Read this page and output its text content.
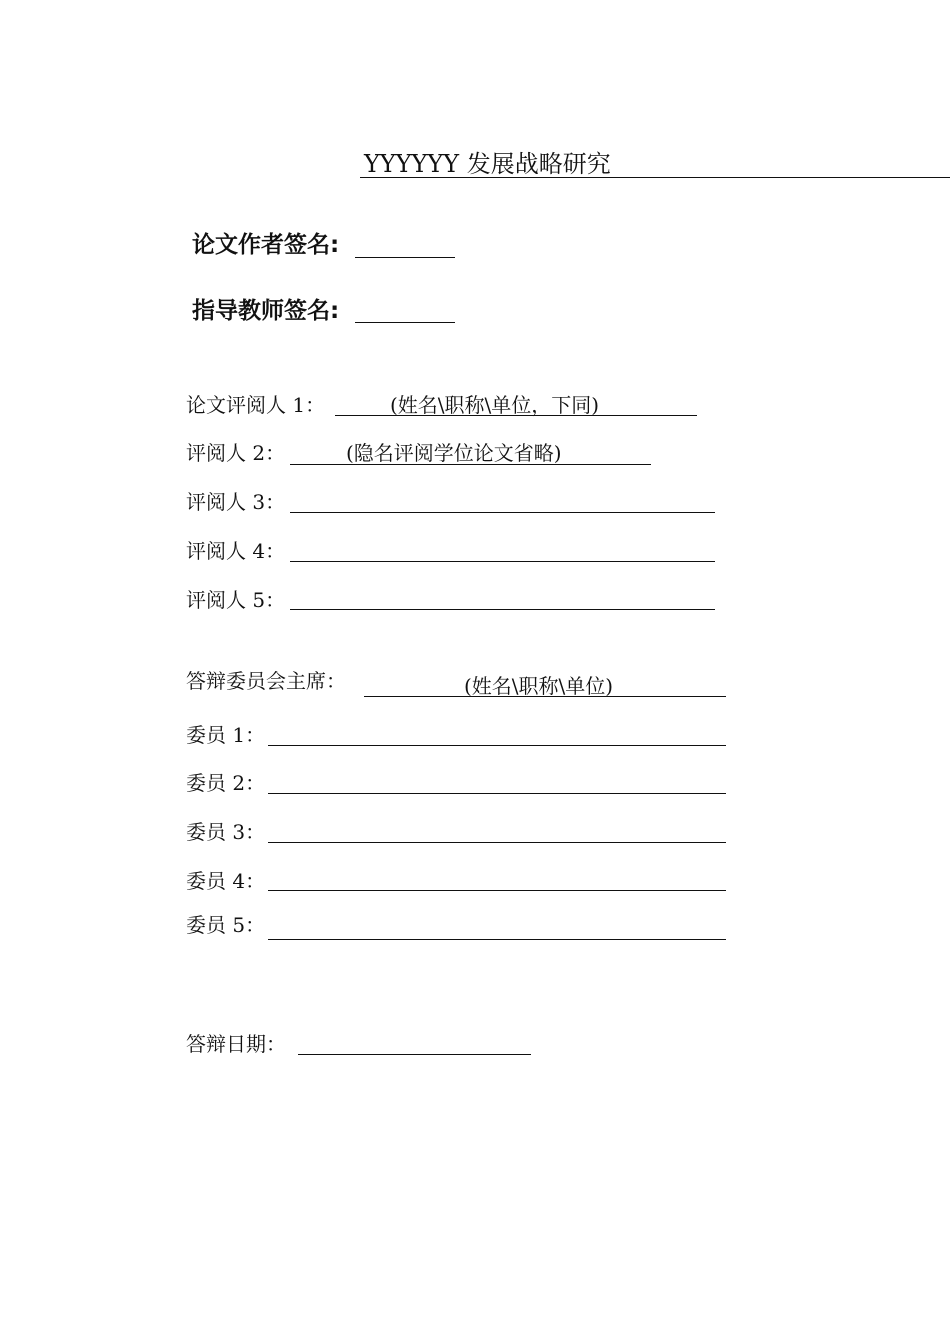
YYYYYY 发展战略研究
论文作者签名:
指导教师签名:
论文评阅人 1：	(姓名\职称\单位，下同)
评阅人 2：	(隐名评阅学位论文省略)
评阅人 3：
评阅人 4：
评阅人 5：
答辩委员会主席：	(姓名\职称\单位)
委员 1：
委员 2：
委员 3：
委员 4：
委员 5：
答辩日期：
